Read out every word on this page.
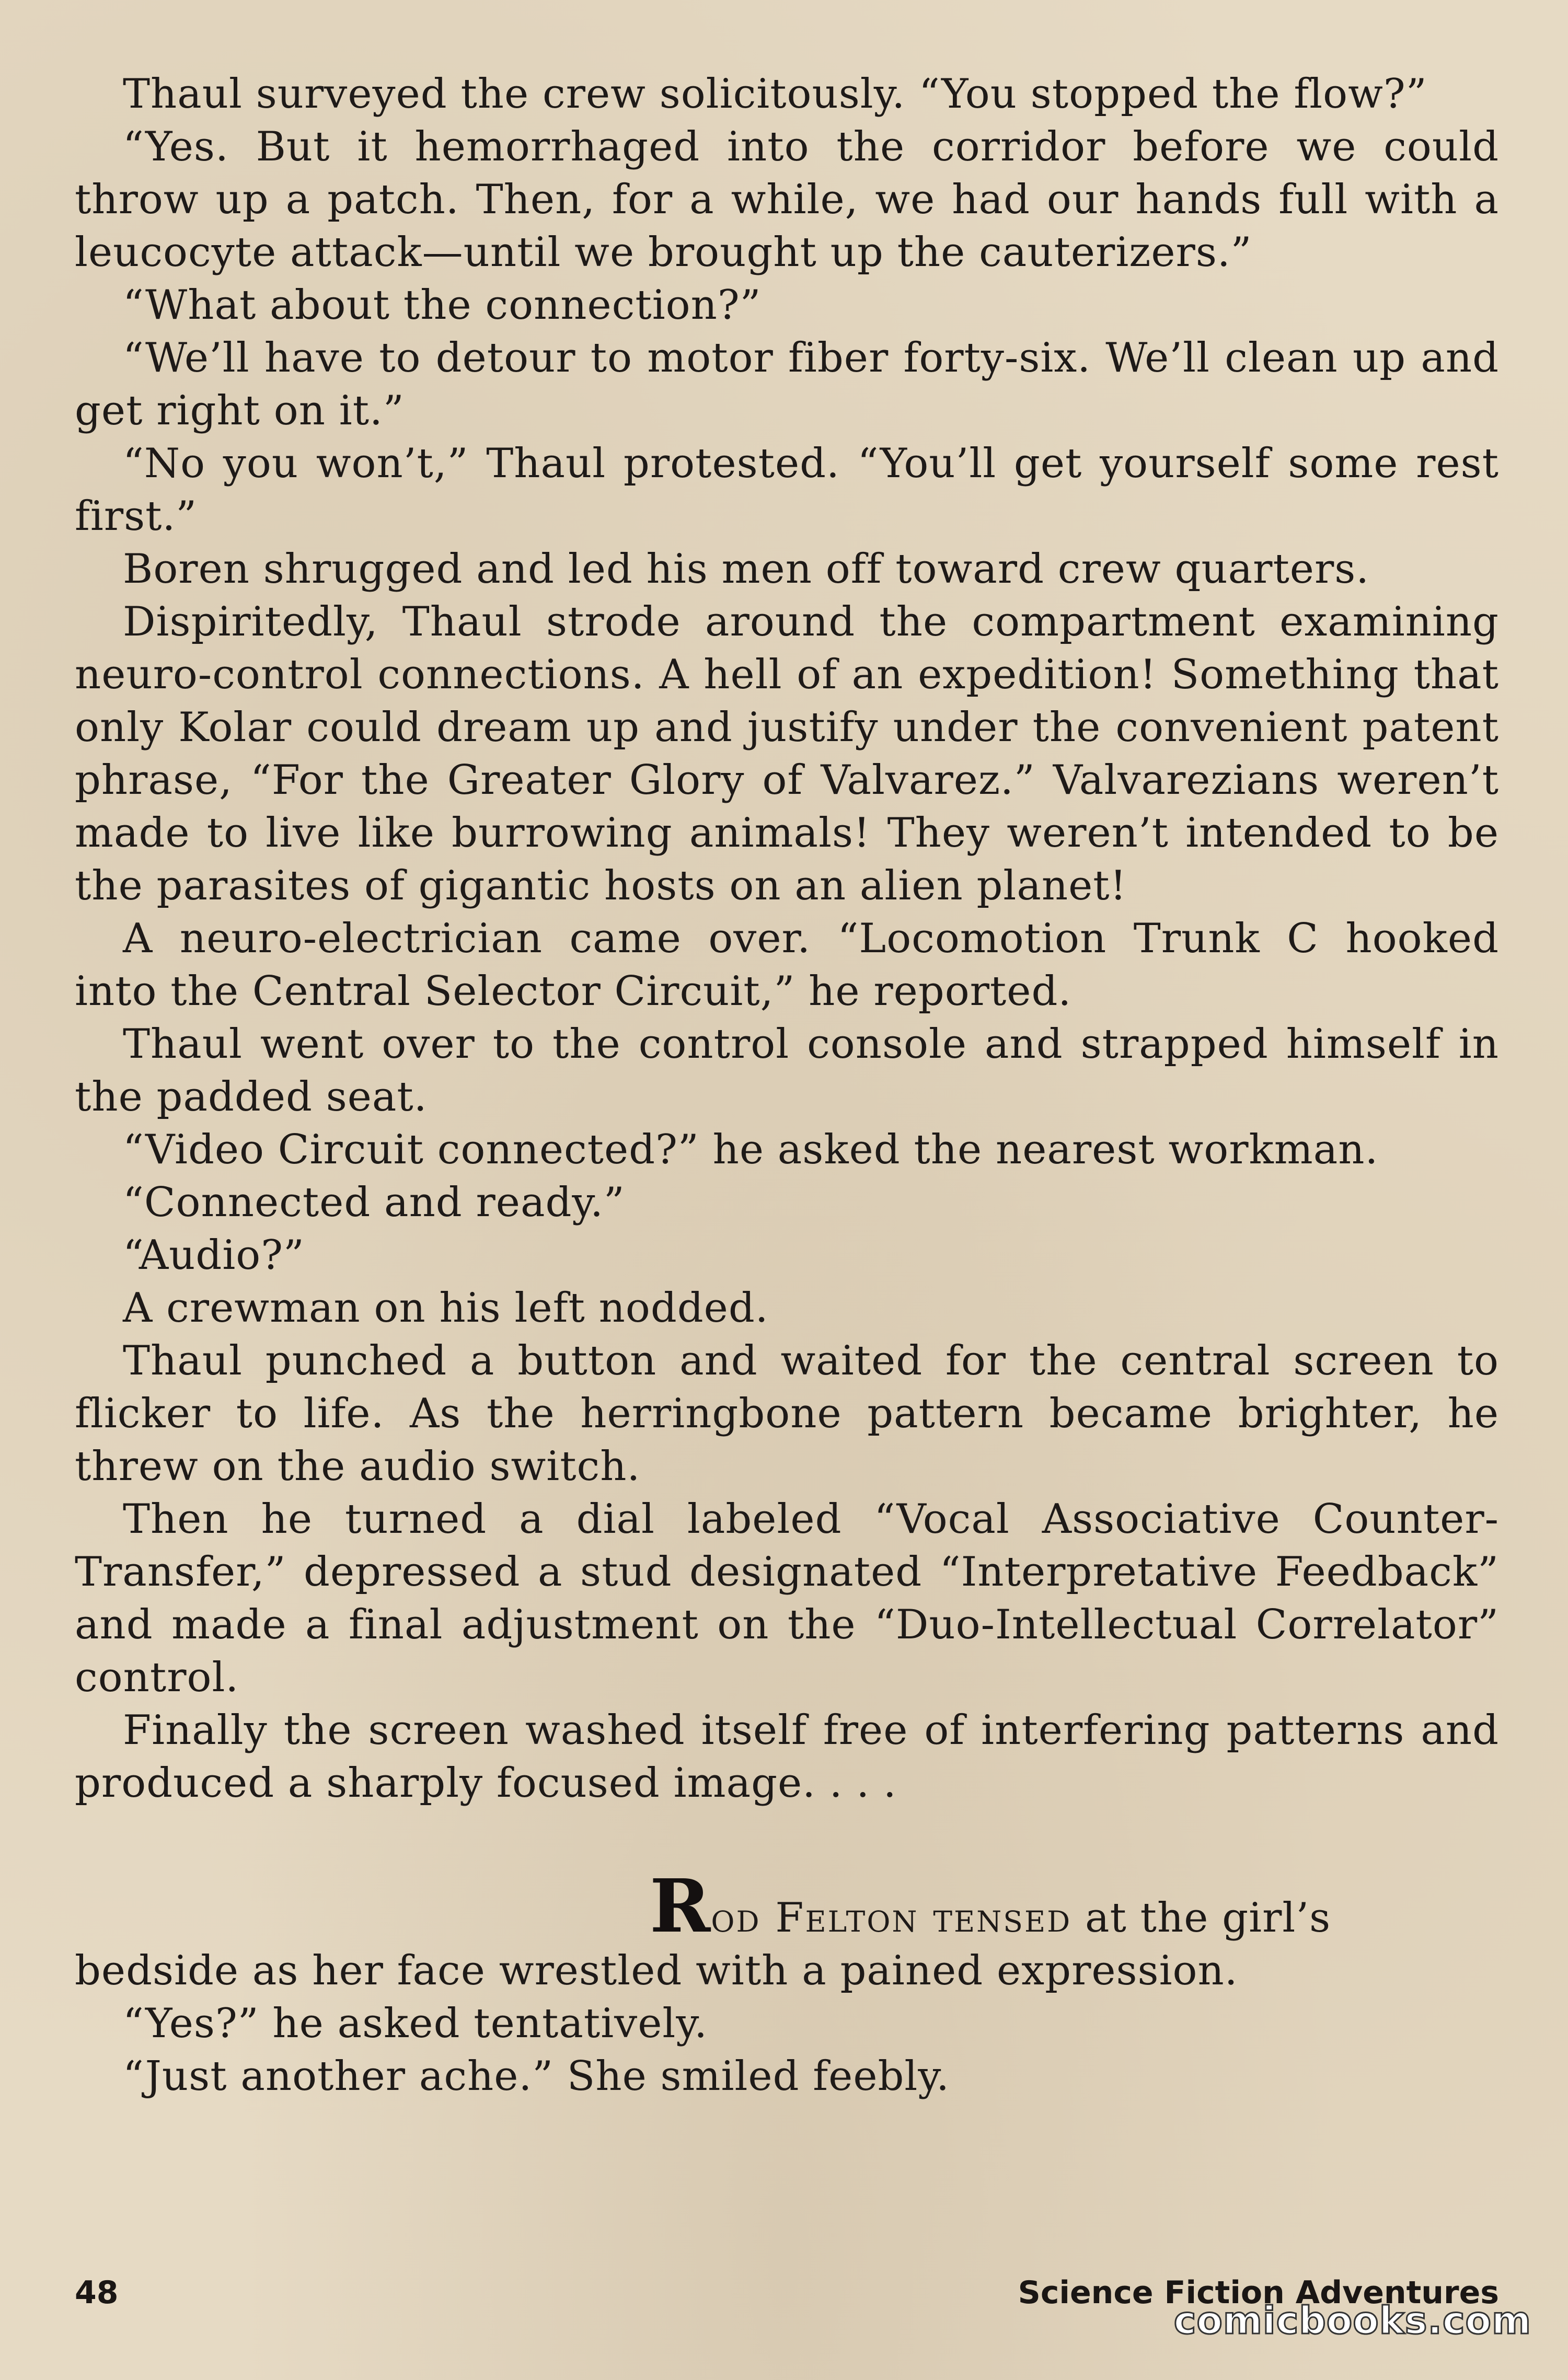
Thaul surveyed the crew solicitously. “You stopped the flow?”

“Yes. But it hemorrhaged into the corridor before we could throw up a patch. Then, for a while, we had our hands full with a leucocyte attack—until we brought up the cauterizers.”

“What about the connection?”

“We’ll have to detour to motor fiber forty-six. We’ll clean up and get right on it.”

“No you won’t,” Thaul protested. “You’ll get yourself some rest first.”

Boren shrugged and led his men off toward crew quarters.

Dispiritedly, Thaul strode around the compartment examining neuro-control connections. A hell of an expedition! Something that only Kolar could dream up and justify under the convenient patent phrase, “For the Greater Glory of Valvarez.” Valvarezians weren’t made to live like burrowing animals! They weren’t intended to be the parasites of gigantic hosts on an alien planet!

A neuro-electrician came over. “Locomotion Trunk C hooked into the Central Selector Circuit,” he reported.

Thaul went over to the control console and strapped himself in the padded seat.

“Video Circuit connected?” he asked the nearest workman.

“Connected and ready.”

“Audio?”

A crewman on his left nodded.

Thaul punched a button and waited for the central screen to flicker to life. As the herringbone pattern became brighter, he threw on the audio switch.

Then he turned a dial labeled “Vocal Associative Counter-Transfer,” depressed a stud designated “Interpretative Feedback” and made a final adjustment on the “Duo-Intellectual Correlator” control.

Finally the screen washed itself free of interfering patterns and produced a sharply focused image. . . .

Rod Felton tensed at the girl’s
bedside as her face wrestled with a pained expression.

“Yes?” he asked tentatively.

“Just another ache.” She smiled feebly.

48	Science Fiction Adventures
comicbooks.com
